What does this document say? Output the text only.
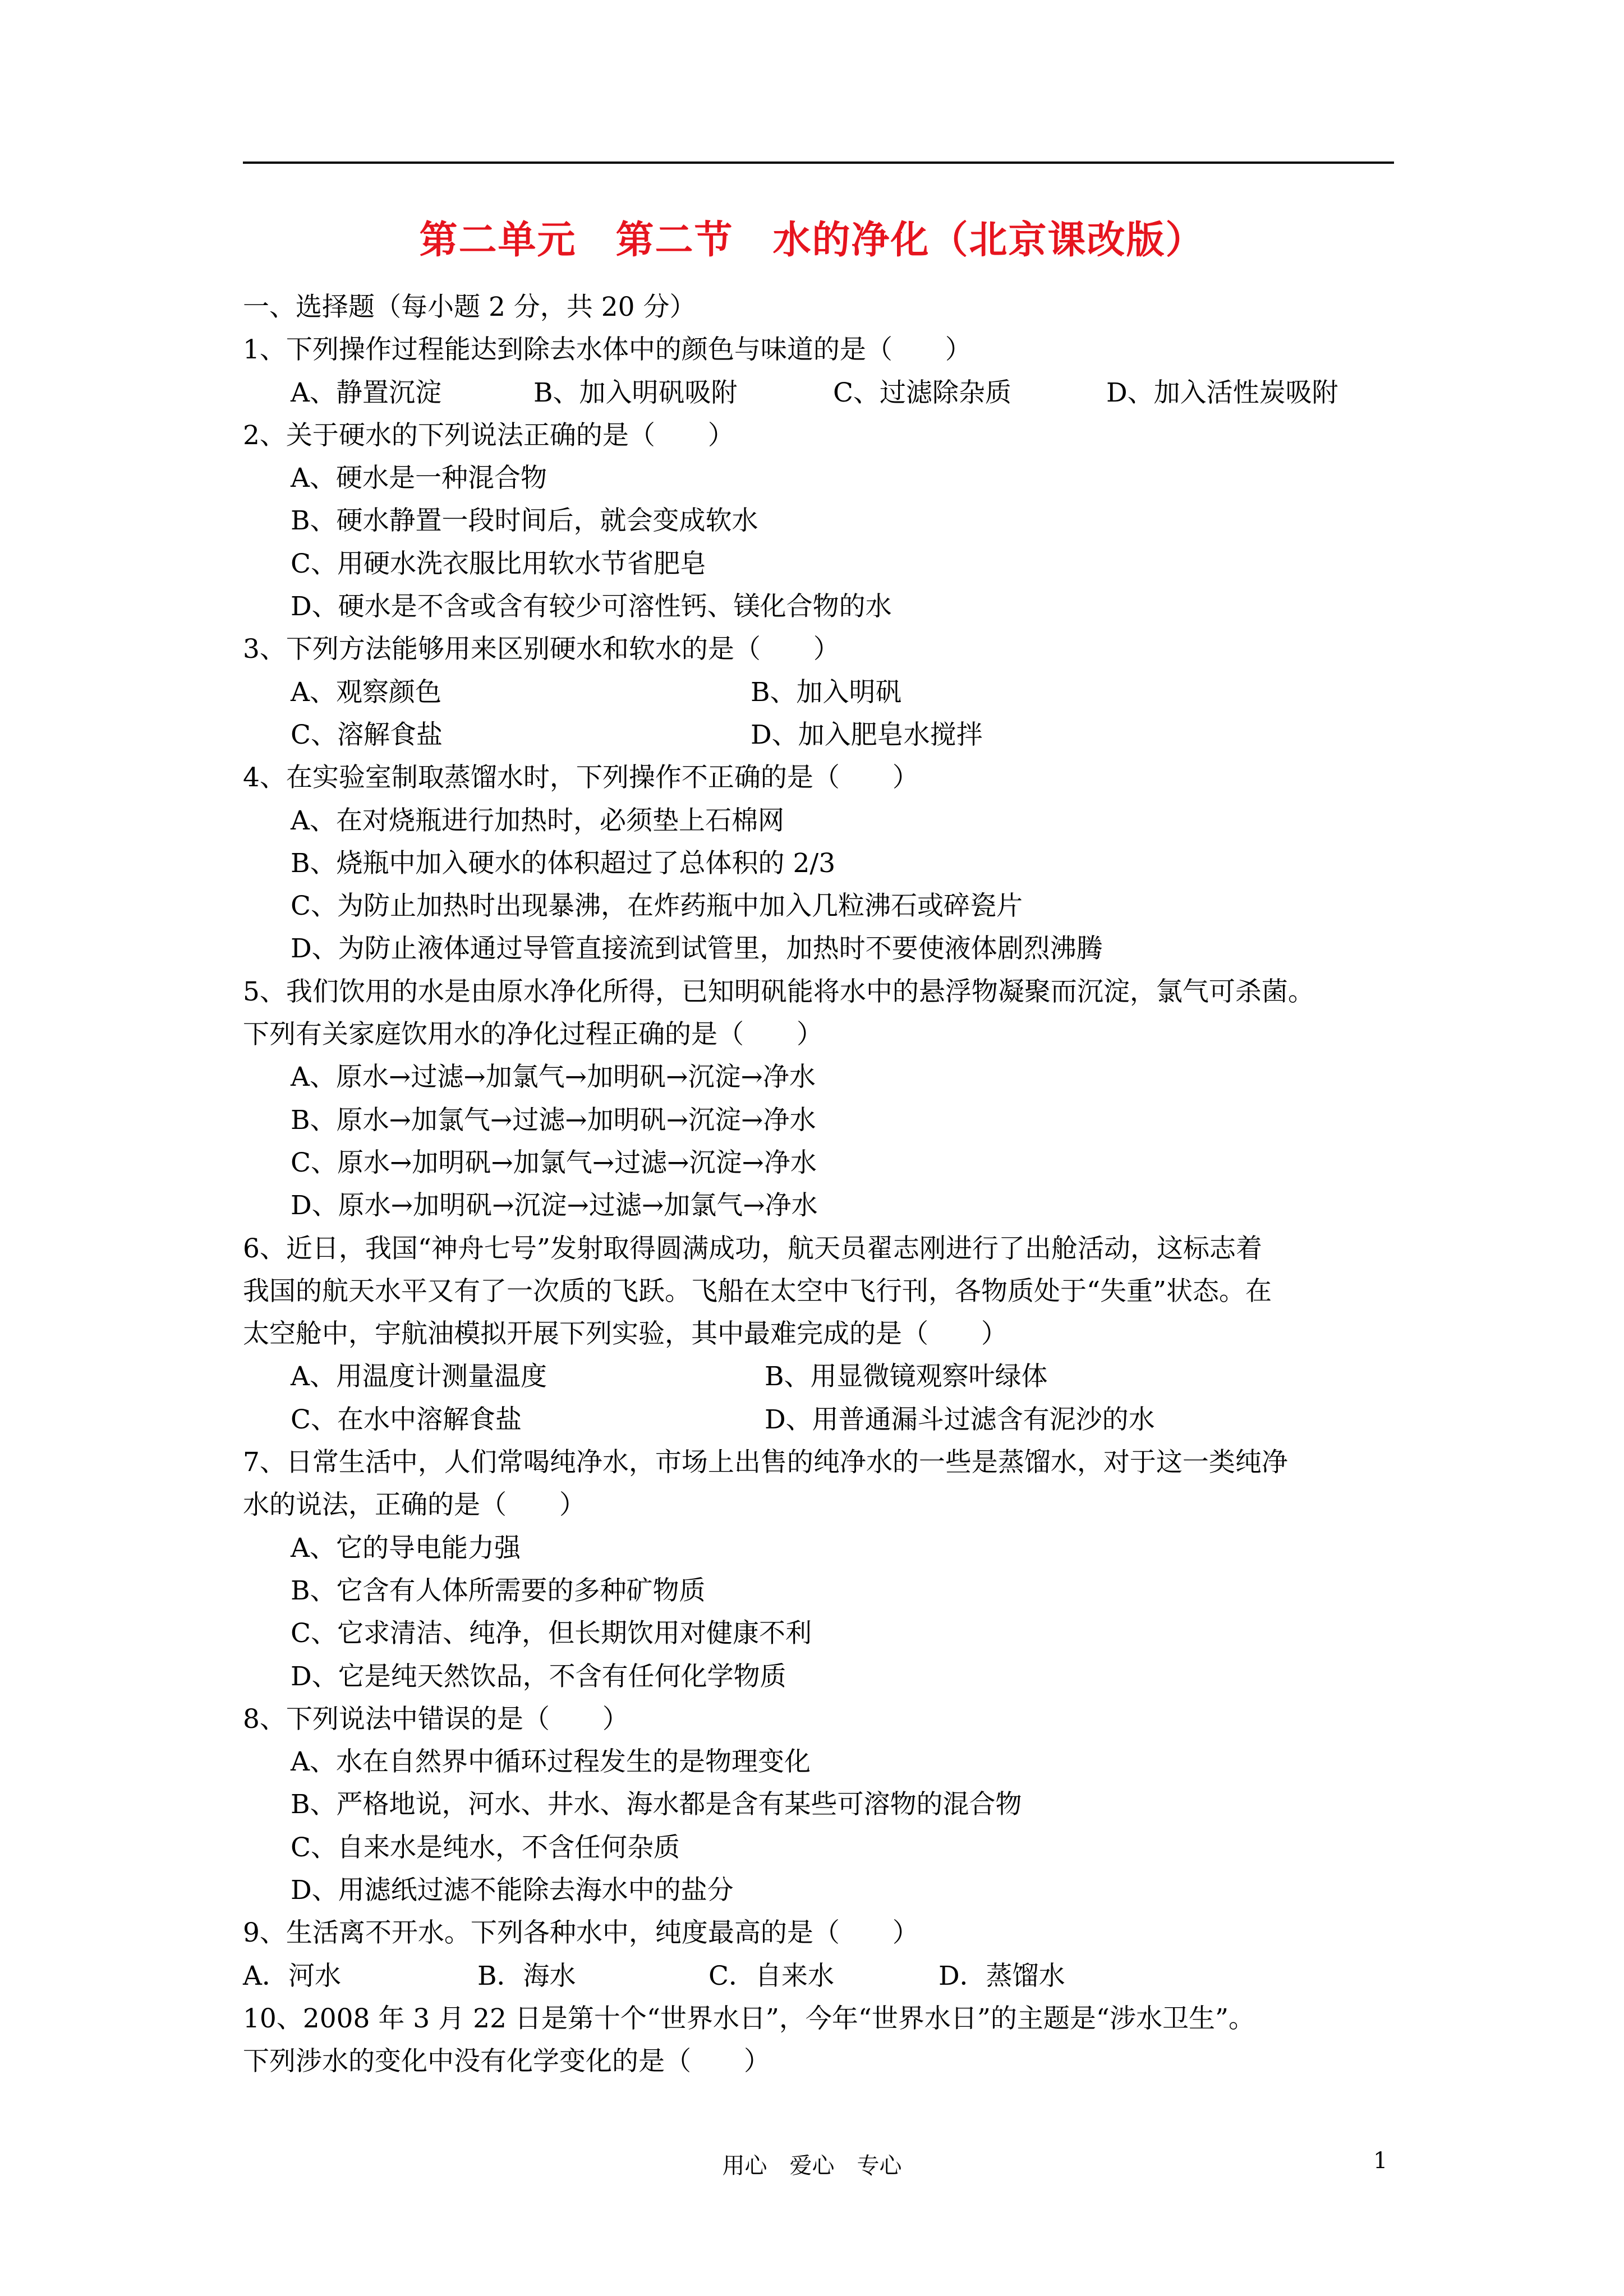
第二单元　第二节　水的净化（北京课改版）
一、选择题（每小题 2 分，共 20 分）
1、下列操作过程能达到除去水体中的颜色与味道的是（　　）
A、静置沉淀	B、加入明矾吸附	C、过滤除杂质	D、加入活性炭吸附
2、关于硬水的下列说法正确的是（　　）
A、硬水是一种混合物
B、硬水静置一段时间后，就会变成软水
C、用硬水洗衣服比用软水节省肥皂
D、硬水是不含或含有较少可溶性钙、镁化合物的水
3、下列方法能够用来区别硬水和软水的是（　　）
A、观察颜色	B、加入明矾
C、溶解食盐	D、加入肥皂水搅拌
4、在实验室制取蒸馏水时，下列操作不正确的是（　　）
A、在对烧瓶进行加热时，必须垫上石棉网
B、烧瓶中加入硬水的体积超过了总体积的 2/3
C、为防止加热时出现暴沸，在炸药瓶中加入几粒沸石或碎瓷片
D、为防止液体通过导管直接流到试管里，加热时不要使液体剧烈沸腾
5、我们饮用的水是由原水净化所得，已知明矾能将水中的悬浮物凝聚而沉淀，氯气可杀菌。
下列有关家庭饮用水的净化过程正确的是（　　）
A、原水→过滤→加氯气→加明矾→沉淀→净水
B、原水→加氯气→过滤→加明矾→沉淀→净水
C、原水→加明矾→加氯气→过滤→沉淀→净水
D、原水→加明矾→沉淀→过滤→加氯气→净水
6、近日，我国“神舟七号”发射取得圆满成功，航天员翟志刚进行了出舱活动，这标志着
我国的航天水平又有了一次质的飞跃。飞船在太空中飞行刊，各物质处于“失重”状态。在
太空舱中，宇航油模拟开展下列实验，其中最难完成的是（　　）
A、用温度计测量温度	B、用显微镜观察叶绿体
C、在水中溶解食盐	D、用普通漏斗过滤含有泥沙的水
7、日常生活中，人们常喝纯净水，市场上出售的纯净水的一些是蒸馏水，对于这一类纯净
水的说法，正确的是（　　）
A、它的导电能力强
B、它含有人体所需要的多种矿物质
C、它求清洁、纯净，但长期饮用对健康不利
D、它是纯天然饮品，不含有任何化学物质
8、下列说法中错误的是（　　）
A、水在自然界中循环过程发生的是物理变化
B、严格地说，河水、井水、海水都是含有某些可溶物的混合物
C、自来水是纯水，不含任何杂质
D、用滤纸过滤不能除去海水中的盐分
9、生活离不开水。下列各种水中，纯度最高的是（　　）
A．河水	B．海水	C．自来水	D．蒸馏水
10、2008 年 3 月 22 日是第十个“世界水日”，今年“世界水日”的主题是“涉水卫生”。
下列涉水的变化中没有化学变化的是（　　）
用心　爱心　专心	1
